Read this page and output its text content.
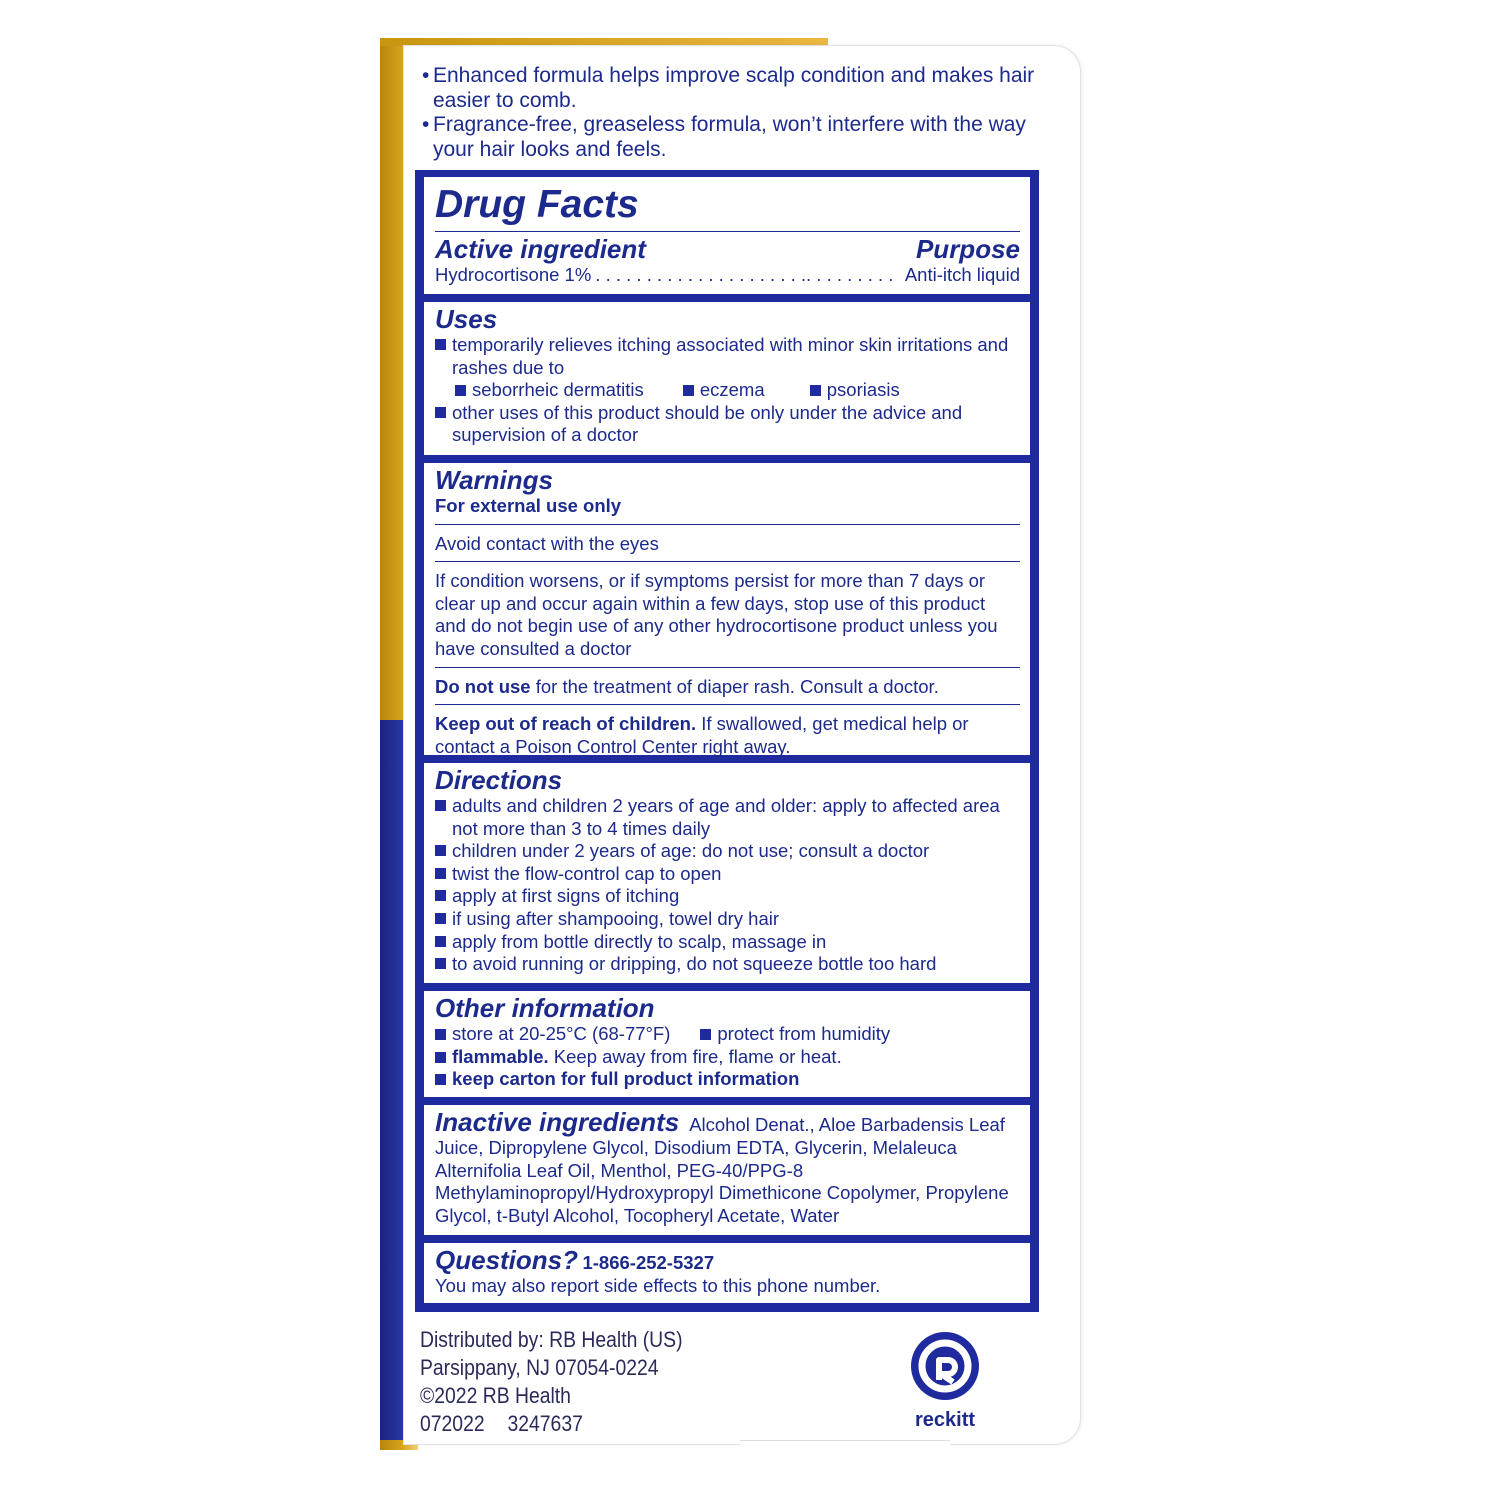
• Enhanced formula helps improve scalp condition and makes hair easier to comb.
• Fragrance-free, greaseless formula, won’t interfere with the way your hair looks and feels.
Drug Facts
Active ingredient	Purpose
Hydrocortisone 1% . . . . . . . . . . . . . . . . . . . . .. . . . . . . . . Anti-itch liquid
Uses
temporarily relieves itching associated with minor skin irritations and rashes due to
seborrheic dermatitis	eczema	psoriasis
other uses of this product should be only under the advice and supervision of a doctor
Warnings
For external use only
Avoid contact with the eyes
If condition worsens, or if symptoms persist for more than 7 days or clear up and occur again within a few days, stop use of this product and do not begin use of any other hydrocortisone product unless you have consulted a doctor
Do not use for the treatment of diaper rash. Consult a doctor.
Keep out of reach of children. If swallowed, get medical help or contact a Poison Control Center right away.
Directions
adults and children 2 years of age and older: apply to affected area not more than 3 to 4 times daily
children under 2 years of age: do not use; consult a doctor
twist the flow-control cap to open
apply at first signs of itching
if using after shampooing, towel dry hair
apply from bottle directly to scalp, massage in
to avoid running or dripping, do not squeeze bottle too hard
Other information
store at 20-25°C (68-77°F)	protect from humidity
flammable. Keep away from fire, flame or heat.
keep carton for full product information
Inactive ingredients Alcohol Denat., Aloe Barbadensis Leaf Juice, Dipropylene Glycol, Disodium EDTA, Glycerin, Melaleuca Alternifolia Leaf Oil, Menthol, PEG-40/PPG-8 Methylaminopropyl/Hydroxypropyl Dimethicone Copolymer, Propylene Glycol, t-Butyl Alcohol, Tocopheryl Acetate, Water
Questions? 1-866-252-5327
You may also report side effects to this phone number.
Distributed by: RB Health (US)
Parsippany, NJ 07054-0224
©2022 RB Health
072022 3247637	reckitt
